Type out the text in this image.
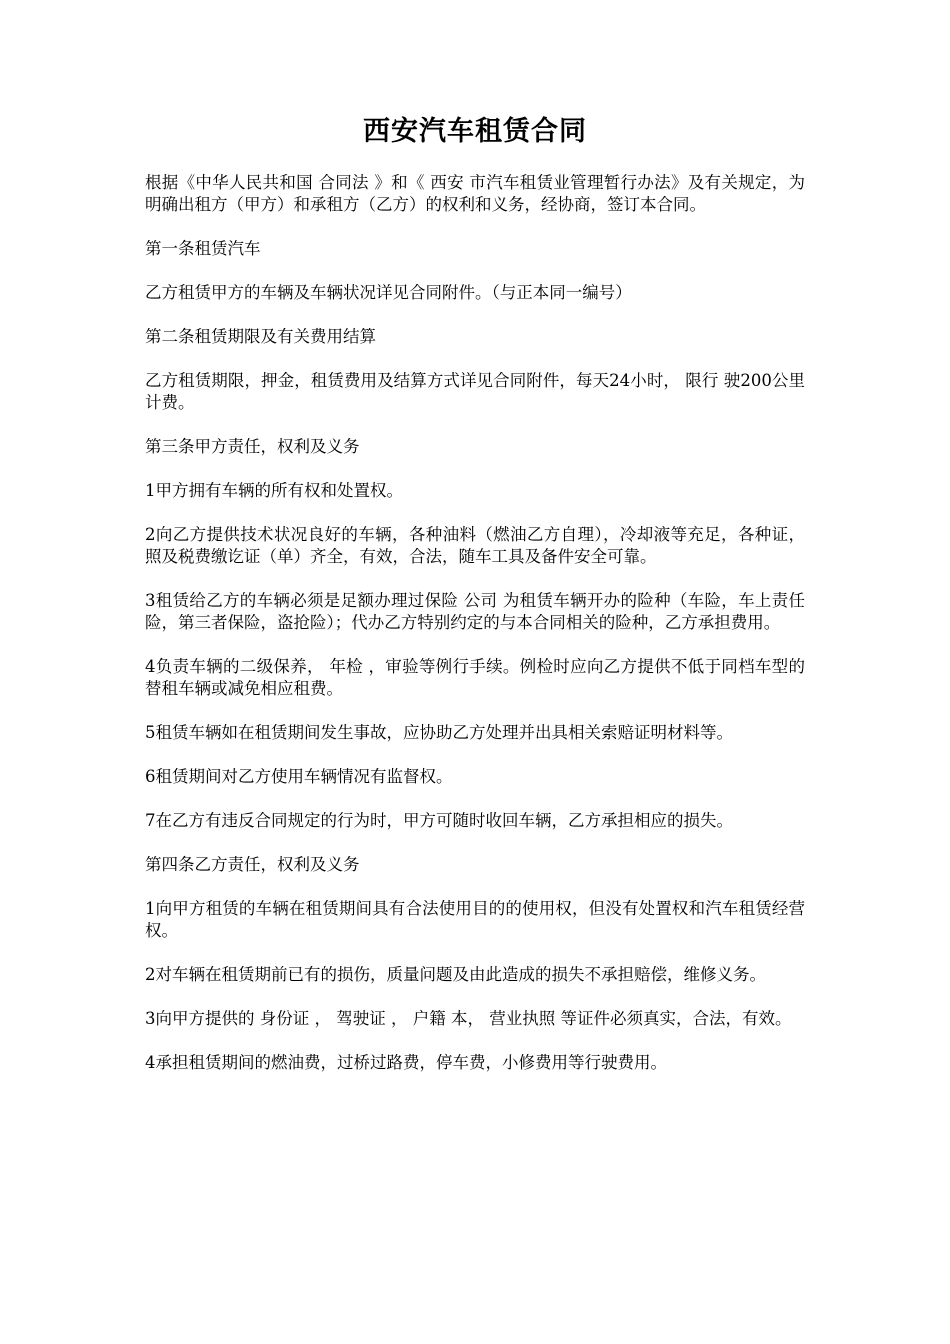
西安汽车租赁合同

根据《中华人民共和国 合同法 》和《 西安 市汽车租赁业管理暂行办法》及有关规定，为明确出租方（甲方）和承租方（乙方）的权利和义务，经协商，签订本合同。

第一条租赁汽车

乙方租赁甲方的车辆及车辆状况详见合同附件。（与正本同一编号）

第二条租赁期限及有关费用结算

乙方租赁期限，押金，租赁费用及结算方式详见合同附件，每天24小时， 限行 驶200公里计费。

第三条甲方责任，权利及义务

1甲方拥有车辆的所有权和处置权。

2向乙方提供技术状况良好的车辆，各种油料（燃油乙方自理），冷却液等充足，各种证，照及税费缴讫证（单）齐全，有效，合法，随车工具及备件安全可靠。

3租赁给乙方的车辆必须是足额办理过保险 公司 为租赁车辆开办的险种（车险，车上责任险，第三者保险，盗抢险）；代办乙方特别约定的与本合同相关的险种，乙方承担费用。

4负责车辆的二级保养， 年检 ，审验等例行手续。例检时应向乙方提供不低于同档车型的替租车辆或减免相应租费。

5租赁车辆如在租赁期间发生事故，应协助乙方处理并出具相关索赔证明材料等。

6租赁期间对乙方使用车辆情况有监督权。

7在乙方有违反合同规定的行为时，甲方可随时收回车辆，乙方承担相应的损失。

第四条乙方责任，权利及义务

1向甲方租赁的车辆在租赁期间具有合法使用目的的使用权，但没有处置权和汽车租赁经营权。

2对车辆在租赁期前已有的损伤，质量问题及由此造成的损失不承担赔偿，维修义务。

3向甲方提供的 身份证 ， 驾驶证 ， 户籍 本， 营业执照 等证件必须真实，合法，有效。

4承担租赁期间的燃油费，过桥过路费，停车费，小修费用等行驶费用。
